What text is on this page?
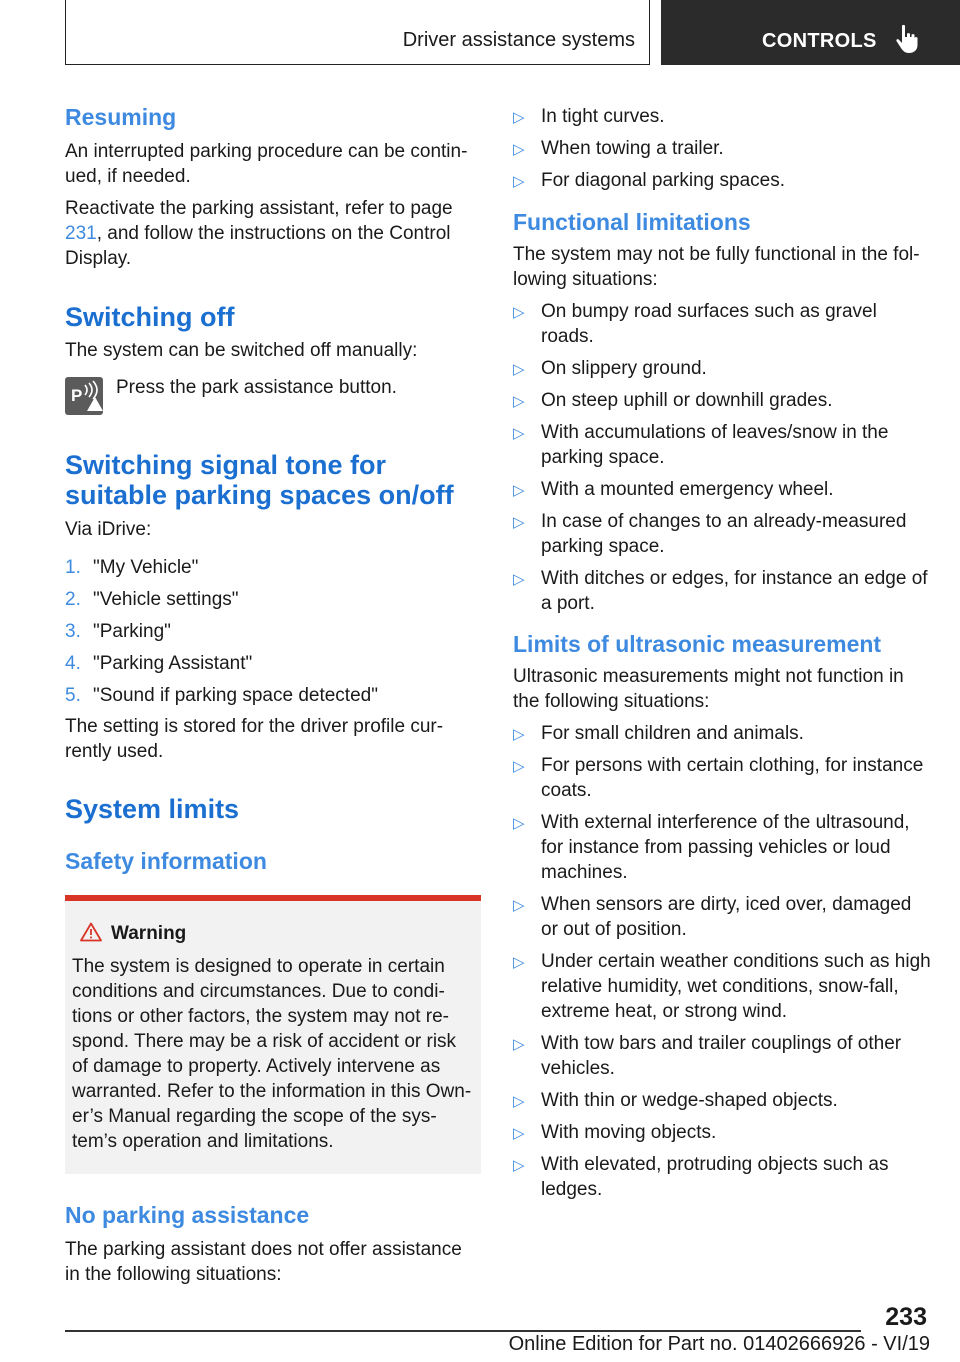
Driver assistance systems	CONTROLS
Resuming
An interrupted parking procedure can be contin‐ued, if needed.
Reactivate the parking assistant, refer to page 231, and follow the instructions on the Control Display.
Switching off
The system can be switched off manually:
P Press the park assistance button.
Switching signal tone for suitable parking spaces on/off
Via iDrive:
1. "My Vehicle"
2. "Vehicle settings"
3. "Parking"
4. "Parking Assistant"
5. "Sound if parking space detected"
The setting is stored for the driver profile cur‐rently used.
System limits
Safety information
Warning
The system is designed to operate in certain conditions and circumstances. Due to condi‐tions or other factors, the system may not re‐spond. There may be a risk of accident or risk of damage to property. Actively intervene as warranted. Refer to the information in this Own‐er’s Manual regarding the scope of the sys‐tem’s operation and limitations.
No parking assistance
The parking assistant does not offer assistance in the following situations:
▷ In tight curves.
▷ When towing a trailer.
▷ For diagonal parking spaces.
Functional limitations
The system may not be fully functional in the fol‐lowing situations:
▷ On bumpy road surfaces such as gravel roads.
▷ On slippery ground.
▷ On steep uphill or downhill grades.
▷ With accumulations of leaves/snow in the parking space.
▷ With a mounted emergency wheel.
▷ In case of changes to an already-measured parking space.
▷ With ditches or edges, for instance an edge of a port.
Limits of ultrasonic measurement
Ultrasonic measurements might not function in the following situations:
▷ For small children and animals.
▷ For persons with certain clothing, for instance coats.
▷ With external interference of the ultrasound, for instance from passing vehicles or loud machines.
▷ When sensors are dirty, iced over, damaged or out of position.
▷ Under certain weather conditions such as high relative humidity, wet conditions, snow‐fall, extreme heat, or strong wind.
▷ With tow bars and trailer couplings of other vehicles.
▷ With thin or wedge-shaped objects.
▷ With moving objects.
▷ With elevated, protruding objects such as ledges.
233
Online Edition for Part no. 01402666926 - VI/19
